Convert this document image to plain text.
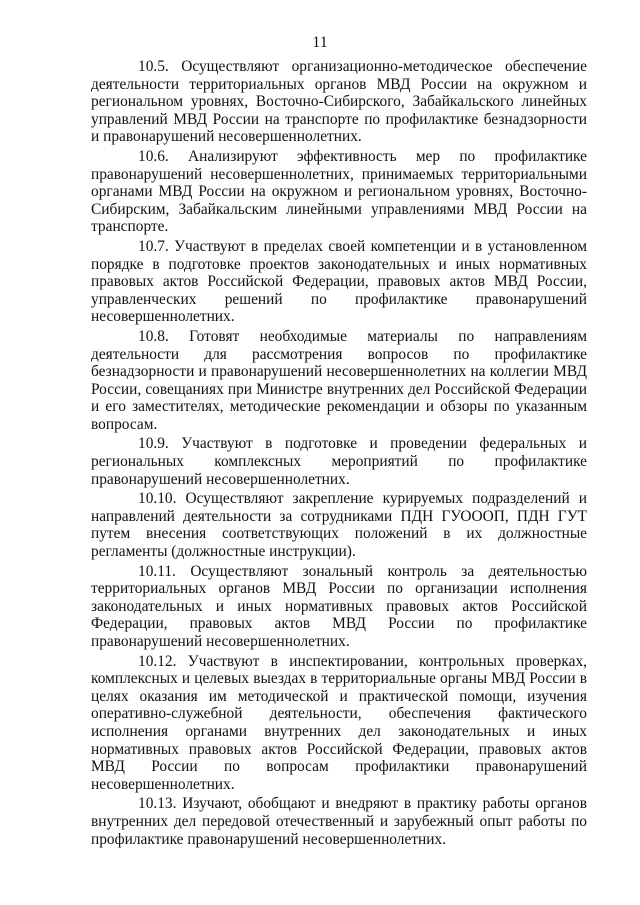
11

10.5. Осуществляют организационно-методическое обеспечение деятельности территориальных органов МВД России на окружном и региональном уровнях, Восточно-Сибирского, Забайкальского линейных управлений МВД России на транспорте по профилактике безнадзорности и правонарушений несовершеннолетних.

10.6. Анализируют эффективность мер по профилактике правонарушений несовершеннолетних, принимаемых территориальными органами МВД России на окружном и региональном уровнях, Восточно-Сибирским, Забайкальским линейными управлениями МВД России на транспорте.

10.7. Участвуют в пределах своей компетенции и в установленном порядке в подготовке проектов законодательных и иных нормативных правовых актов Российской Федерации, правовых актов МВД России, управленческих решений по профилактике правонарушений несовершеннолетних.

10.8. Готовят необходимые материалы по направлениям деятельности для рассмотрения вопросов по профилактике безнадзорности и правонарушений несовершеннолетних на коллегии МВД России, совещаниях при Министре внутренних дел Российской Федерации и его заместителях, методические рекомендации и обзоры по указанным вопросам.

10.9. Участвуют в подготовке и проведении федеральных и региональных комплексных мероприятий по профилактике правонарушений несовершеннолетних.

10.10. Осуществляют закрепление курируемых подразделений и направлений деятельности за сотрудниками ПДН ГУОООП, ПДН ГУТ путем внесения соответствующих положений в их должностные регламенты (должностные инструкции).

10.11. Осуществляют зональный контроль за деятельностью территориальных органов МВД России по организации исполнения законодательных и иных нормативных правовых актов Российской Федерации, правовых актов МВД России по профилактике правонарушений несовершеннолетних.

10.12. Участвуют в инспектировании, контрольных проверках, комплексных и целевых выездах в территориальные органы МВД России в целях оказания им методической и практической помощи, изучения оперативно-служебной деятельности, обеспечения фактического исполнения органами внутренних дел законодательных и иных нормативных правовых актов Российской Федерации, правовых актов МВД России по вопросам профилактики правонарушений несовершеннолетних.

10.13. Изучают, обобщают и внедряют в практику работы органов внутренних дел передовой отечественный и зарубежный опыт работы по профилактике правонарушений несовершеннолетних.
